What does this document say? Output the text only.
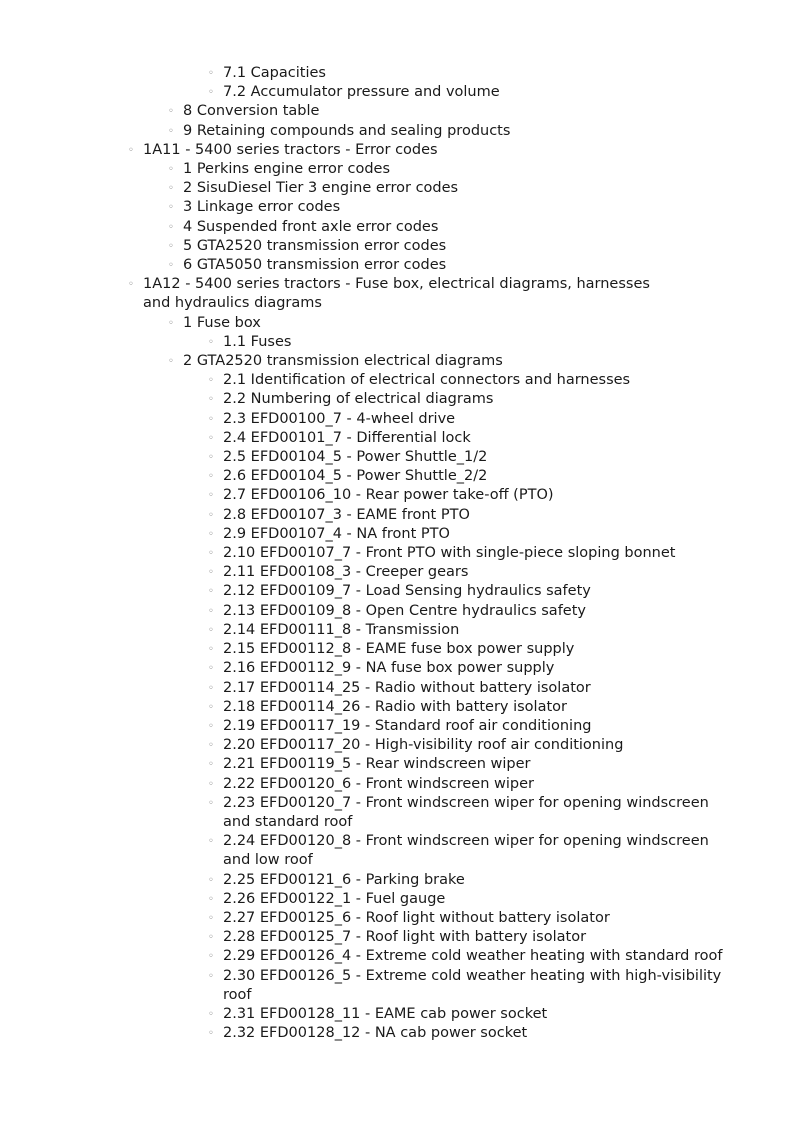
◦ 7.1 Capacities
◦ 7.2 Accumulator pressure and volume
◦ 8 Conversion table
◦ 9 Retaining compounds and sealing products
◦ 1A11 - 5400 series tractors - Error codes
◦ 1 Perkins engine error codes
◦ 2 SisuDiesel Tier 3 engine error codes
◦ 3 Linkage error codes
◦ 4 Suspended front axle error codes
◦ 5 GTA2520 transmission error codes
◦ 6 GTA5050 transmission error codes
◦ 1A12 - 5400 series tractors - Fuse box, electrical diagrams, harnesses and hydraulics diagrams
◦ 1 Fuse box
◦ 1.1 Fuses
◦ 2 GTA2520 transmission electrical diagrams
◦ 2.1 Identification of electrical connectors and harnesses
◦ 2.2 Numbering of electrical diagrams
◦ 2.3 EFD00100_7 - 4-wheel drive
◦ 2.4 EFD00101_7 - Differential lock
◦ 2.5 EFD00104_5 - Power Shuttle_1/2
◦ 2.6 EFD00104_5 - Power Shuttle_2/2
◦ 2.7 EFD00106_10 - Rear power take-off (PTO)
◦ 2.8 EFD00107_3 - EAME front PTO
◦ 2.9 EFD00107_4 - NA front PTO
◦ 2.10 EFD00107_7 - Front PTO with single-piece sloping bonnet
◦ 2.11 EFD00108_3 - Creeper gears
◦ 2.12 EFD00109_7 - Load Sensing hydraulics safety
◦ 2.13 EFD00109_8 - Open Centre hydraulics safety
◦ 2.14 EFD00111_8 - Transmission
◦ 2.15 EFD00112_8 - EAME fuse box power supply
◦ 2.16 EFD00112_9 - NA fuse box power supply
◦ 2.17 EFD00114_25 - Radio without battery isolator
◦ 2.18 EFD00114_26 - Radio with battery isolator
◦ 2.19 EFD00117_19 - Standard roof air conditioning
◦ 2.20 EFD00117_20 - High-visibility roof air conditioning
◦ 2.21 EFD00119_5 - Rear windscreen wiper
◦ 2.22 EFD00120_6 - Front windscreen wiper
◦ 2.23 EFD00120_7 - Front windscreen wiper for opening windscreen and standard roof
◦ 2.24 EFD00120_8 - Front windscreen wiper for opening windscreen and low roof
◦ 2.25 EFD00121_6 - Parking brake
◦ 2.26 EFD00122_1 - Fuel gauge
◦ 2.27 EFD00125_6 - Roof light without battery isolator
◦ 2.28 EFD00125_7 - Roof light with battery isolator
◦ 2.29 EFD00126_4 - Extreme cold weather heating with standard roof
◦ 2.30 EFD00126_5 - Extreme cold weather heating with high-visibility roof
◦ 2.31 EFD00128_11 - EAME cab power socket
◦ 2.32 EFD00128_12 - NA cab power socket
